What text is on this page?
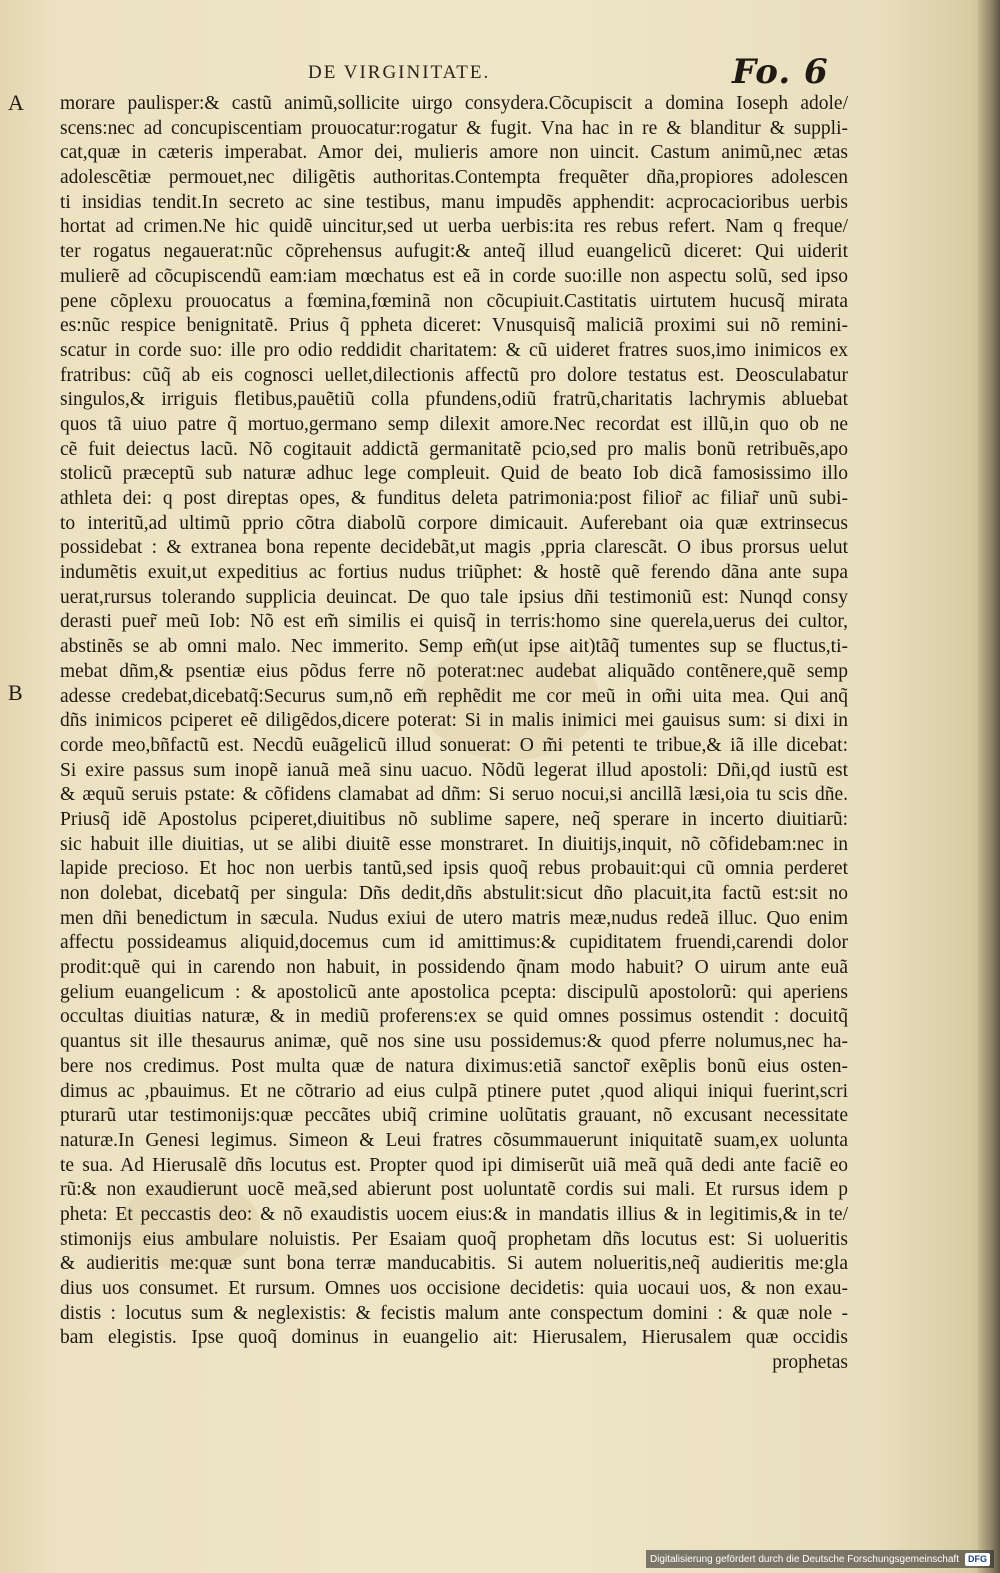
DE VIRGINITATE.	Fo. 6
A
B
morare paulisper:& castũ animũ,sollicite uirgo consydera.Cõcupiscit a domina Ioseph adole/
scens:nec ad concupiscentiam prouocatur:rogatur & fugit. Vna hac in re & blanditur & suppli-
cat,quæ in cæteris imperabat. Amor dei, mulieris amore non uincit. Castum animũ,nec ætas
adolescẽtiæ permouet,nec diligẽtis authoritas.Contempta frequẽter dña,propiores adolescen
ti insidias tendit.In secreto ac sine testibus, manu impudẽs apphendit: acprocacioribus uerbis
hortat ad crimen.Ne hic quidẽ uincitur,sed ut uerba uerbis:ita res rebus refert. Nam q freque/
ter rogatus negauerat:nũc cõprehensus aufugit:& anteq̃ illud euangelicũ diceret: Qui uiderit
mulierẽ ad cõcupiscendũ eam:iam mœchatus est eã in corde suo:ille non aspectu solũ, sed ipso
pene cõplexu prouocatus a fœmina,fœminã non cõcupiuit.Castitatis uirtutem hucusq̃ mirata
es:nũc respice benignitatẽ. Prius q̃ pphetа diceret: Vnusquisq̃ maliciã proximi sui nõ remini-
scatur in corde suo: ille pro odio reddidit charitatem: & cũ uideret fratres suos,imo inimicos ex
fratribus: cũq̃ ab eis cognosci uellet,dilectionis affectũ pro dolore testatus est. Deosculabatur
singulos,& irriguis fletibus,pauẽtiũ colla pfundens,odiũ fratrũ,charitatis lachrymis abluebat
quos tã uiuo patre q̃ mortuo,germano semp dilexit amore.Nec recordat est illũ,in quo ob ne
cẽ fuit deiectus lacũ. Nõ cogitauit addictã germanitatẽ pcio,sed pro malis bonũ retribuẽs,apo
stolicũ præceptũ sub naturæ adhuc lege compleuit. Quid de beato Iob dicã famosissimo illo
athleta dei: q post direptas opes, & funditus deleta patrimonia:post filior̃ ac filiar̃ unũ subi-
to interitũ,ad ultimũ pprio cõtra diabolũ corpore dimicauit. Auferebant oia quæ extrinsecus
possidebat : & extranea bona repente decidebãt,ut magis ,ppria clarescãt. O ibus prorsus uelut
indumẽtis exuit,ut expeditius ac fortius nudus triũphet: & hostẽ quẽ ferendo dãna ante supa
uerat,rursus tolerando supplicia deuincat. De quo tale ipsius dñi testimoniũ est: Nunqd consy
derasti puer̃ meũ Iob: Nõ est em̃ similis ei quisq̃ in terris:homo sine querela,uerus dei cultor,
abstinẽs se ab omni malo. Nec immerito. Semp em̃(ut ipse ait)tãq̃ tumentes sup se fluctus,ti-
mebat dñm,& psentiæ eius põdus ferre nõ poterat:nec audebat aliquãdo contẽnere,quẽ semp
adesse credebat,dicebatq̃:Securus sum,nõ em̃ rephẽdit me cor meũ in om̃i uita mea. Qui anq̃
dñs inimicos pciperet eẽ diligẽdos,dicere poterat: Si in malis inimici mei gauisus sum: si dixi in
corde meo,bñfactũ est. Necdũ euãgelicũ illud sonuerat: O m̃i petenti te tribue,& iã ille dicebat:
Si exire passus sum inopẽ ianuã meã sinu uacuo. Nõdũ legerat illud apostoli: Dñi,qd iustũ est
& æquũ seruis pstate: & cõfidens clamabat ad dñm: Si seruo nocui,si ancillã læsi,oia tu scis dñe.
Priusq̃ idẽ Apostolus pciperet,diuitibus nõ sublime sapere, neq̃ sperare in incerto diuitiarũ:
sic habuit ille diuitias, ut se alibi diuitẽ esse monstraret. In diuitijs,inquit, nõ cõfidebam:nec in
lapide precioso. Et hoc non uerbis tantũ,sed ipsis quoq̃ rebus probauit:qui cũ omnia perderet
non dolebat, dicebatq̃ per singula: Dñs dedit,dñs abstulit:sicut dño placuit,ita factũ est:sit no
men dñi benedictum in sæcula. Nudus exiui de utero matris meæ,nudus redeã illuc. Quo enim
affectu possideamus aliquid,docemus cum id amittimus:& cupiditatem fruendi,carendi dolor
prodit:quẽ qui in carendo non habuit, in possidendo q̃nam modo habuit? O uirum ante euã
gelium euangelicum : & apostolicũ ante apostolica pcepta: discipulũ apostolorũ: qui aperiens
occultas diuitias naturæ, & in mediũ proferens:ex se quid omnes possimus ostendit : docuitq̃
quantus sit ille thesaurus animæ, quẽ nos sine usu possidemus:& quod pferre nolumus,nec ha-
bere nos credimus. Post multa quæ de natura diximus:etiã sanctor̃ exẽplis bonũ eius osten-
dimus ac ,pbauimus. Et ne cõtrario ad eius culpã ptinere putet ,quod aliqui iniqui fuerint,scri
pturarũ utar testimonijs:quæ peccãtes ubiq̃ crimine uolũtatis grauant, nõ excusant necessitate
naturæ.In Genesi legimus. Simeon & Leui fratres cõsummauerunt iniquitatẽ suam,ex uolunta
te sua. Ad Hierusalẽ dñs locutus est. Propter quod ipi dimiserũt uiã meã quã dedi ante faciẽ eo
rũ:& non exaudierunt uocẽ meã,sed abierunt post uoluntatẽ cordis sui mali. Et rursus idem p
pheta: Et peccastis deo: & nõ exaudistis uocem eius:& in mandatis illius & in legitimis,& in te/
stimonijs eius ambulare noluistis. Per Esaiam quoq̃ prophetam dñs locutus est: Si uolueritis
& audieritis me:quæ sunt bona terræ manducabitis. Si autem nolueritis,neq̃ audieritis me:gla
dius uos consumet. Et rursum. Omnes uos occisione decidetis: quia uocaui uos, & non exau-
distis : locutus sum & neglexistis: & fecistis malum ante conspectum domini : & quæ nole -
bam elegistis. Ipse quoq̃ dominus in euangelio ait: Hierusalem, Hierusalem quæ occidis
prophetas
Digitalisierung gefördert durch die Deutsche Forschungsgemeinschaft	DFG
